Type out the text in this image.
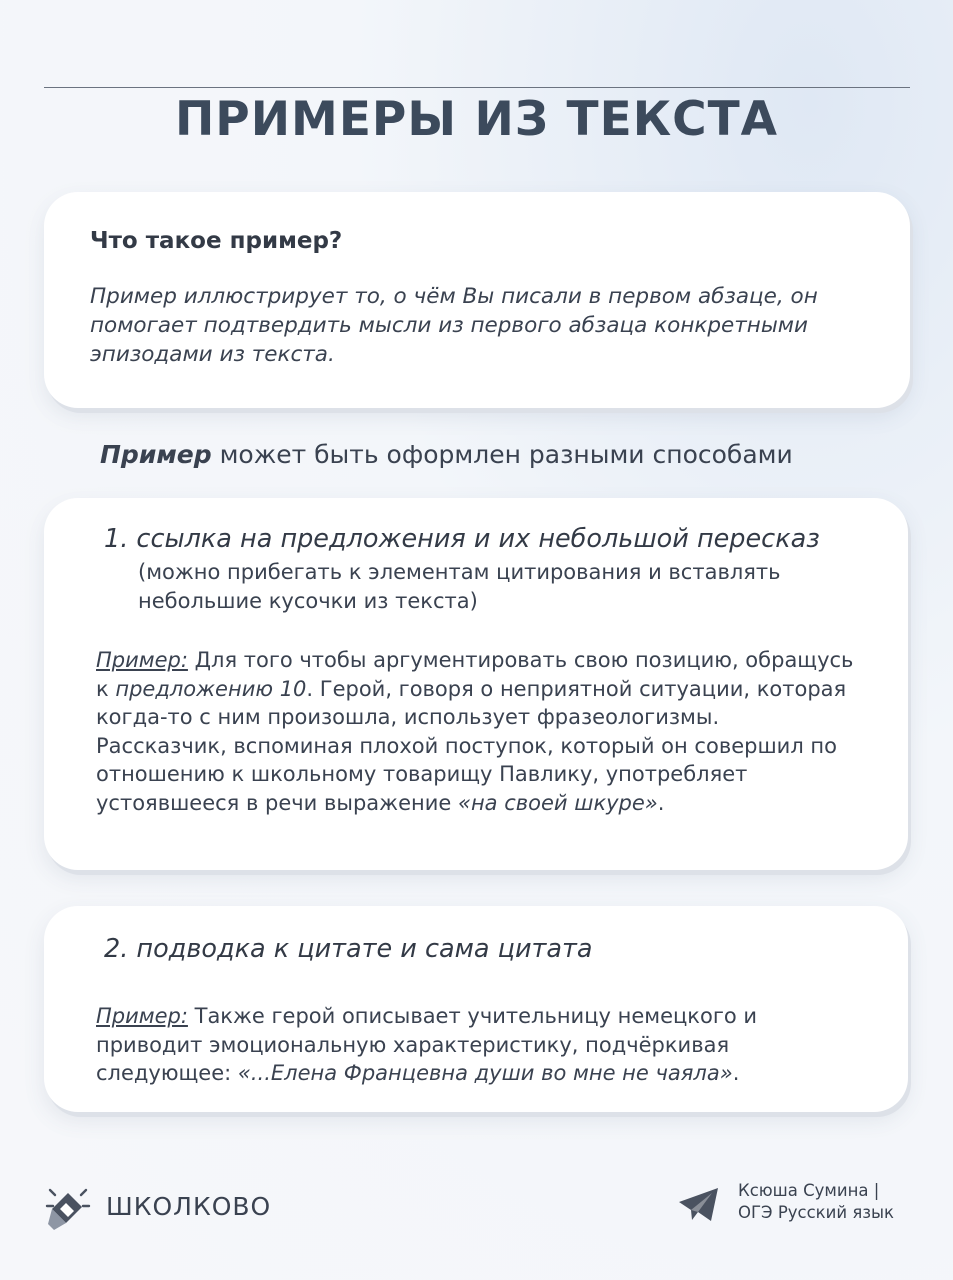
ПРИМЕРЫ ИЗ ТЕКСТА
Что такое пример?
Пример иллюстрирует то, о чём Вы писали в первом абзаце, он помогает подтвердить мысли из первого абзаца конкретными эпизодами из текста.
Пример может быть оформлен разными способами
1. ссылка на предложения и их небольшой пересказ
(можно прибегать к элементам цитирования и вставлять небольшие кусочки из текста)
Пример: Для того чтобы аргументировать свою позицию, обращусь к предложению 10. Герой, говоря о неприятной ситуации, которая когда-то с ним произошла, использует фразеологизмы. Рассказчик, вспоминая плохой поступок, который он совершил по отношению к школьному товарищу Павлику, употребляет устоявшееся в речи выражение «на своей шкуре».
2. подводка к цитате и сама цитата
Пример: Также герой описывает учительницу немецкого и приводит эмоциональную характеристику, подчёркивая следующее: «...Елена Францевна души во мне не чаяла».
ШКОЛКОВО
Ксюша Сумина |
ОГЭ Русский язык
